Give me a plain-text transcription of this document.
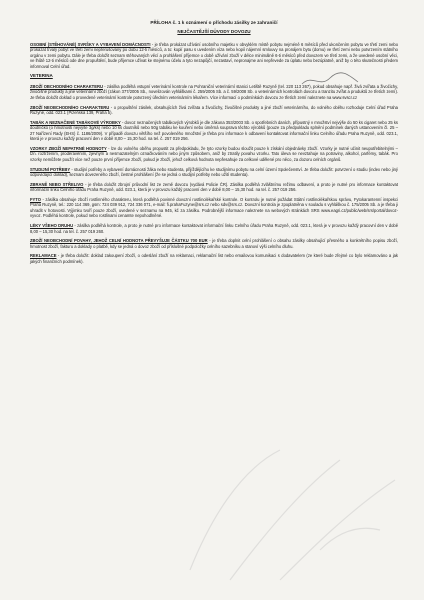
PŘÍLOHA č. 1 k oznámení o příchodu zásilky ze zahraničí
NEJČASTĚJŠÍ DŮVODY DOVOZU

OSOBNÍ (STĚHOVÁNÉ) SVRŠKY A VYBAVENÍ DOMÁCNOSTI - je třeba prokázat užívání osobního majetku v obvyklém místě pobytu nejméně 6 měsíců před ukončením pobytu ve třetí zemi nebo prokázat trvalý pobyt ve třetí zemi nepřerušovaný po dobu 12-ti měsíců, a to: kopií pasu s uvedením víza nebo kopií nájemní smlouvy na pronájem bytu (domu) ve třetí zemi nebo potvrzením státního orgánu v zemi pobytu. Dále je třeba doložit seznam stěhovaných věcí a prohlášení příjemce o době užívání zboží v délce minimálně 6-ti měsíců před dovozem ve třetí zemi, a že uvedené osobní věci, ve lhůtě 12-ti měsíců ode dne propuštění, bude příjemce užívat ke stejnému účelu a tyto nezapůjčí, nezastaví, nepronajme ani nepřevede za úplatu nebo bezúplatně, aniž by o této skutečnosti předem informoval Celní úřad.

VETERINA

ZBOŽÍ OBCHODNÍHO CHARAKTERU - zásilka podléhá vstupní veterinární kontrole na Pohraniční veterinární stanici Letiště Ruzyně (tel. 220 113 267), pokud obsahuje např. živá zvířata a živočichy, živočišné produkty a jiné veterinární zboží (zákon 377/2005 Sb., novelizován vyhláškami č. 259/2005 Sb. a č. 59/2008 Sb. o veterinárních kontrolách dovozu a tranzitu zvířat a produktů ze třetích zemí). Je třeba doložit doklad o provedené veterinární kontrole potvrzený úředním veterinárním lékařem. Více informací o podmínkách dovozu ze třetích zemí naleznete na www.svscr.cz

ZBOŽÍ NEOBCHODNÍHO CHARAKTERU - o propuštění zásilek, obsahujících živá zvířata a živočichy, živočišné produkty a jiné zboží veterinárního, do volného oběhu rozhoduje Celní úřad Praha Ruzyně, odd. 023.1 (Pizeňská 139, Praha 5).

TABÁK A NEZNAČENÉ TABÁKOVÉ VÝROBKY - dovoz neznačených tabákových výrobků je dle zákona 353/2003 Sb. o spotřebních daních, přípustný v množství nejvýše do 50 ks cigaret nebo 25 ks doutníčků (o hmotnosti nejvýše 3g/ks) nebo 10 ks doutníků nebo 50g tabáku ke kouření nebo úměrná souprava těchto výrobků (pouze za předpokladu splnění podmínek daných ustanovením čl. 25 – 27 Nařízení Rady (EHS) č. 1186/2009). V případě dovozu většího než povoleného množství je třeba pro informace k odbavení kontaktovat informační linku Celního úřadu Praha Ruzyně, odd. 023.1, která je v provozu každý pracovní den v době 8,00 – 15,30 hod. na tel. č. 257 019 256.

VZORKY ZBOŽÍ NEPATRNÉ HODNOTY - lze do volného oběhu propustit za předpokladu, že tyto vzorky budou sloužit pouze k získání objednávky zboží. Vzorky je nutné učinit neupotřebitelnými – tzn. roztržením, proděravěním, zjevným a nesmazatelným označkováním nebo jiným způsobem, aniž by ztratily povahu vzorku. Tato úleva se nevztahuje na potraviny, alkohol, parfémy, tabák. Pro vzorky nemůžete použít více než pouze první příjemce zboží, pokud je zboží, jehož celková hodnota nepřesahuje za celkové udělené pro něco, za dozoru celních orgánů.

STUDIJNÍ POTŘEBY - studijní potřeby a vybavení domácnosti žáka nebo studenta, přijíždějícího ke studijnímu pobytu na celní území Společenství. Je třeba doložit: potvrzení o studiu (index nebo jiný odpovídající doklad), seznam dovezeného zboží, čestné prohlášení (že se jedná o studijní potřeby nebo užití studenta).

ZBRANĚ NEBO STŘELIVO - je třeba doložit zbrojní průvodní list ze země dovozu (vydává Policie ČR). Zásilka podléhá zvláštnímu režimu odbavení, a proto je nutné pro informace kontaktovat informační linku Celního úřadu Praha Ruzyně, odd. 023.1, která je v provozu každý pracovní den v době 8,00 – 15,30 hod. na tel. č. 257 019 256.

FYTO - zásilka obsahuje zboží rostlinného charakteru, která podléhá povinné dovozní rostlinolékařské kontrole. O kontrolu je nutné požádat Státní rostlinolékařskou správu, Fytokarantenní inspekci Praha Ruzyně, tel.: 220 114 369, gsm: 724 039 912, 724 336 071, e-mail: fi.prahaFuzyne@srs.cz nebo sdv@srs.cz. Dovozní kontrola je zpoplatněna v souladu s vyhláškou č. 175/2005 Sb. a je třeba ji uhradit v hotovosti. Výjimku tvoří pouze zboží, uvedené v seznamu na 945, kč za zásilku. Podrobnější informace naleznete na webových stránkách SRS www.eagri.cz/public/web/srs/portal/dovoz-vyvoz. Podléhá kontrole, pokud nebo rostlinami cenamte nepohodlněné.

LÉKY VŠEHO DRUHU - zásilka podléhá kontrole, a proto je nutné pro informace kontaktovat informační linku Celního úřadu Praha Ruzyně, odd. 023.1, která je v provozu každý pracovní den v době 8,00 – 15,30 hod. na tel. č. 257 019 260.

ZBOŽÍ NEOBCHODNÍ POVAHY, JEHOŽ CELNÍ HODNOTA PŘEVYŠUJE ČÁSTKU 700 EUR - je třeba doplnit celní prohlášení o obsahu zásilky obsahující přesného a konkrétního popisu zboží, hmotnost zboží, fakturu a doklady o platbě, kdy se jedná o dovoz zboží od příslušné podpoložky celního sazebníku a stanoví výši celního dluhu.

REKLAMACE - je třeba doložit: doklad zakoupení zboží, o odeslání zboží na reklamaci, reklamační list nebo emailovou komunikaci s dodavatelem (ze které bude zřejmé co bylo reklamováno a jak jakých finančních podmínek).
